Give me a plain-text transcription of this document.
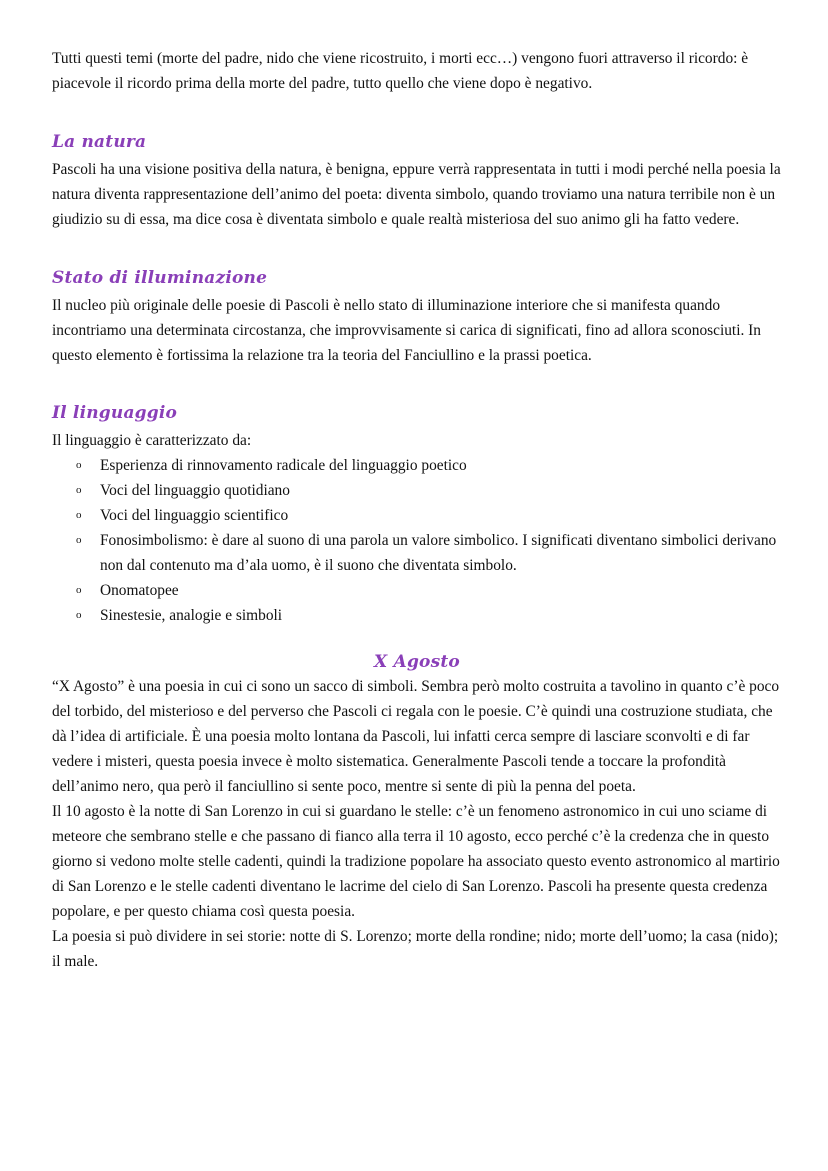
Tutti questi temi (morte del padre, nido che viene ricostruito, i morti ecc…) vengono fuori attraverso il ricordo: è piacevole il ricordo prima della morte del padre, tutto quello che viene dopo è negativo.

La natura

Pascoli ha una visione positiva della natura, è benigna, eppure verrà rappresentata in tutti i modi perché nella poesia la natura diventa rappresentazione dell’animo del poeta: diventa simbolo, quando troviamo una natura terribile non è un giudizio su di essa, ma dice cosa è diventata simbolo e quale realtà misteriosa del suo animo gli ha fatto vedere.

Stato di illuminazione

Il nucleo più originale delle poesie di Pascoli è nello stato di illuminazione interiore che si manifesta quando incontriamo una determinata circostanza, che improvvisamente si carica di significati, fino ad allora sconosciuti. In questo elemento è fortissima la relazione tra la teoria del Fanciullino e la prassi poetica.

Il linguaggio

Il linguaggio è caratterizzato da:

o Esperienza di rinnovamento radicale del linguaggio poetico
o Voci del linguaggio quotidiano
o Voci del linguaggio scientifico
o Fonosimbolismo: è dare al suono di una parola un valore simbolico. I significati diventano simbolici derivano non dal contenuto ma d’ala uomo, è il suono che diventata simbolo.
o Onomatopee
o Sinestesie, analogie e simboli
X Agosto

“X Agosto” è una poesia in cui ci sono un sacco di simboli. Sembra però molto costruita a tavolino in quanto c’è poco del torbido, del misterioso e del perverso che Pascoli ci regala con le poesie. C’è quindi una costruzione studiata, che dà l’idea di artificiale. È una poesia molto lontana da Pascoli, lui infatti cerca sempre di lasciare sconvolti e di far vedere i misteri, questa poesia invece è molto sistematica. Generalmente Pascoli tende a toccare la profondità dell’animo nero, qua però il fanciullino si sente poco, mentre si sente di più la penna del poeta.

Il 10 agosto è la notte di San Lorenzo in cui si guardano le stelle: c’è un fenomeno astronomico in cui uno sciame di meteore che sembrano stelle e che passano di fianco alla terra il 10 agosto, ecco perché c’è la credenza che in questo giorno si vedono molte stelle cadenti, quindi la tradizione popolare ha associato questo evento astronomico al martirio di San Lorenzo e le stelle cadenti diventano le lacrime del cielo di San Lorenzo. Pascoli ha presente questa credenza popolare, e per questo chiama così questa poesia.

La poesia si può dividere in sei storie: notte di S. Lorenzo; morte della rondine; nido; morte dell’uomo; la casa (nido); il male.
